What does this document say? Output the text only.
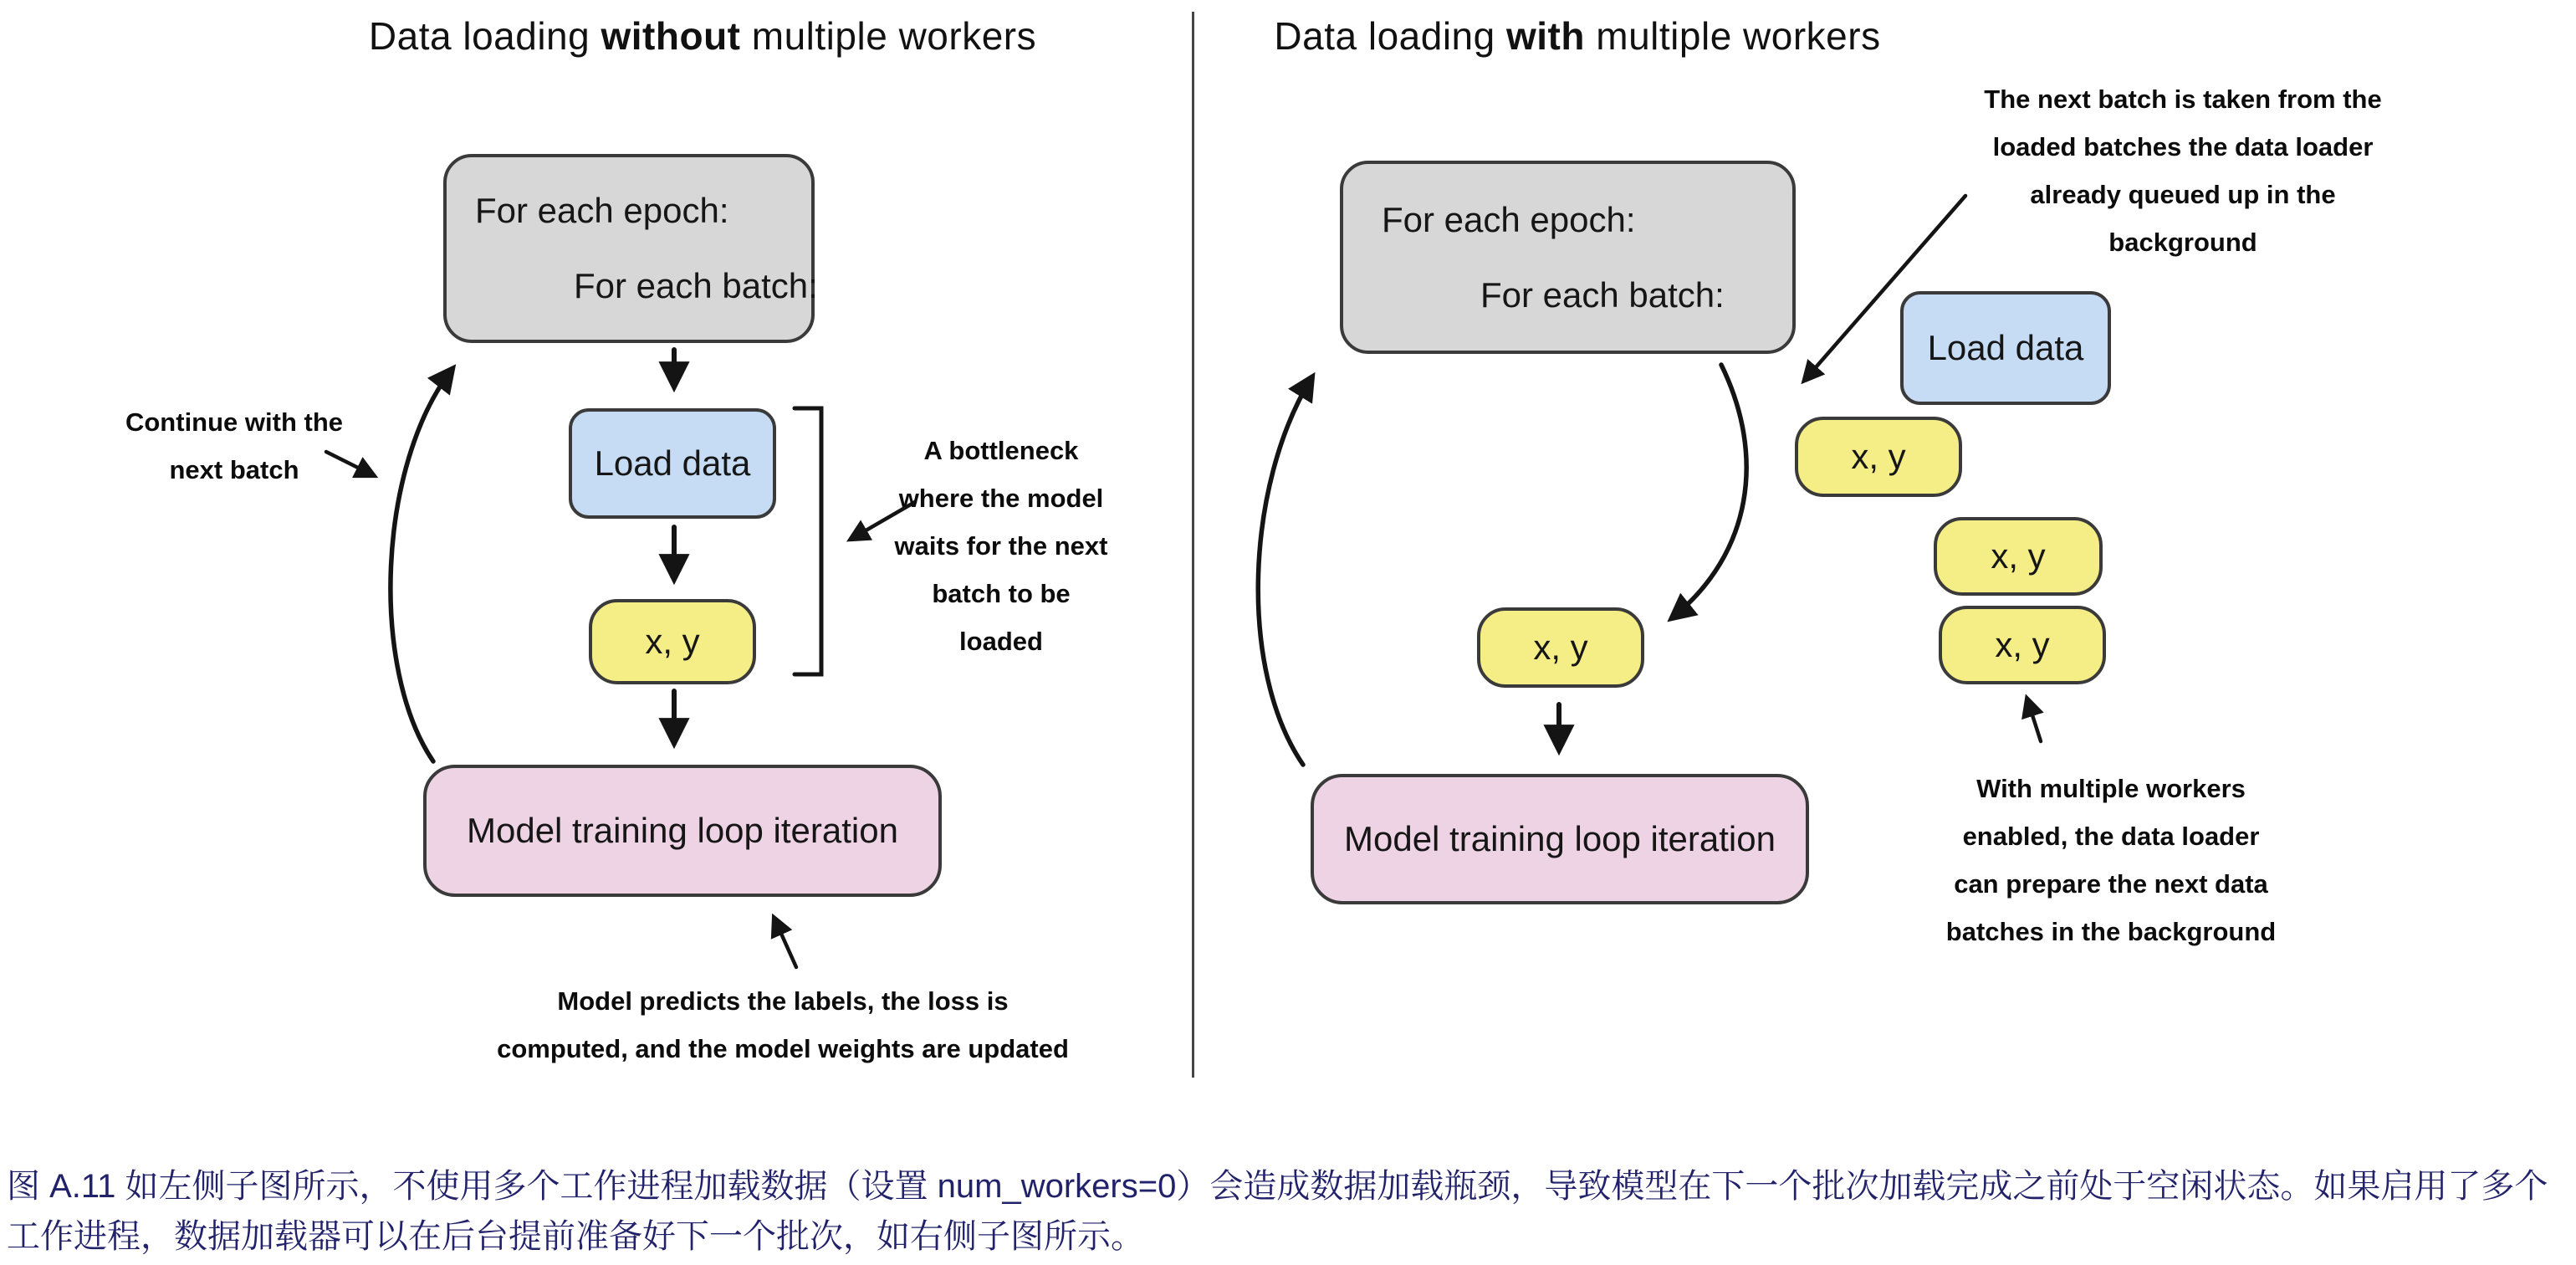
Data loading without multiple workers
For each epoch:
For each batch:
Load data
x, y
Model training loop iteration
Continue with the
next batch
A bottleneck
where the model
waits for the next
batch to be
loaded
Model predicts the labels, the loss is
computed, and the model weights are updated
Data loading with multiple workers
The next batch is taken from the
loaded batches the data loader
already queued up in the
background
For each epoch:
For each batch:
Load data
x, y
x, y
x, y
x, y
Model training loop iteration
With multiple workers
enabled, the data loader
can prepare the next data
batches in the background
图 A.11 如左侧子图所示，不使用多个工作进程加载数据（设置 num_workers=0）会造成数据加载瓶颈，导致模型在下一个批次加载完成之前处于空闲状态。如果启用了多个
工作进程，数据加载器可以在后台提前准备好下一个批次，如右侧子图所示。
